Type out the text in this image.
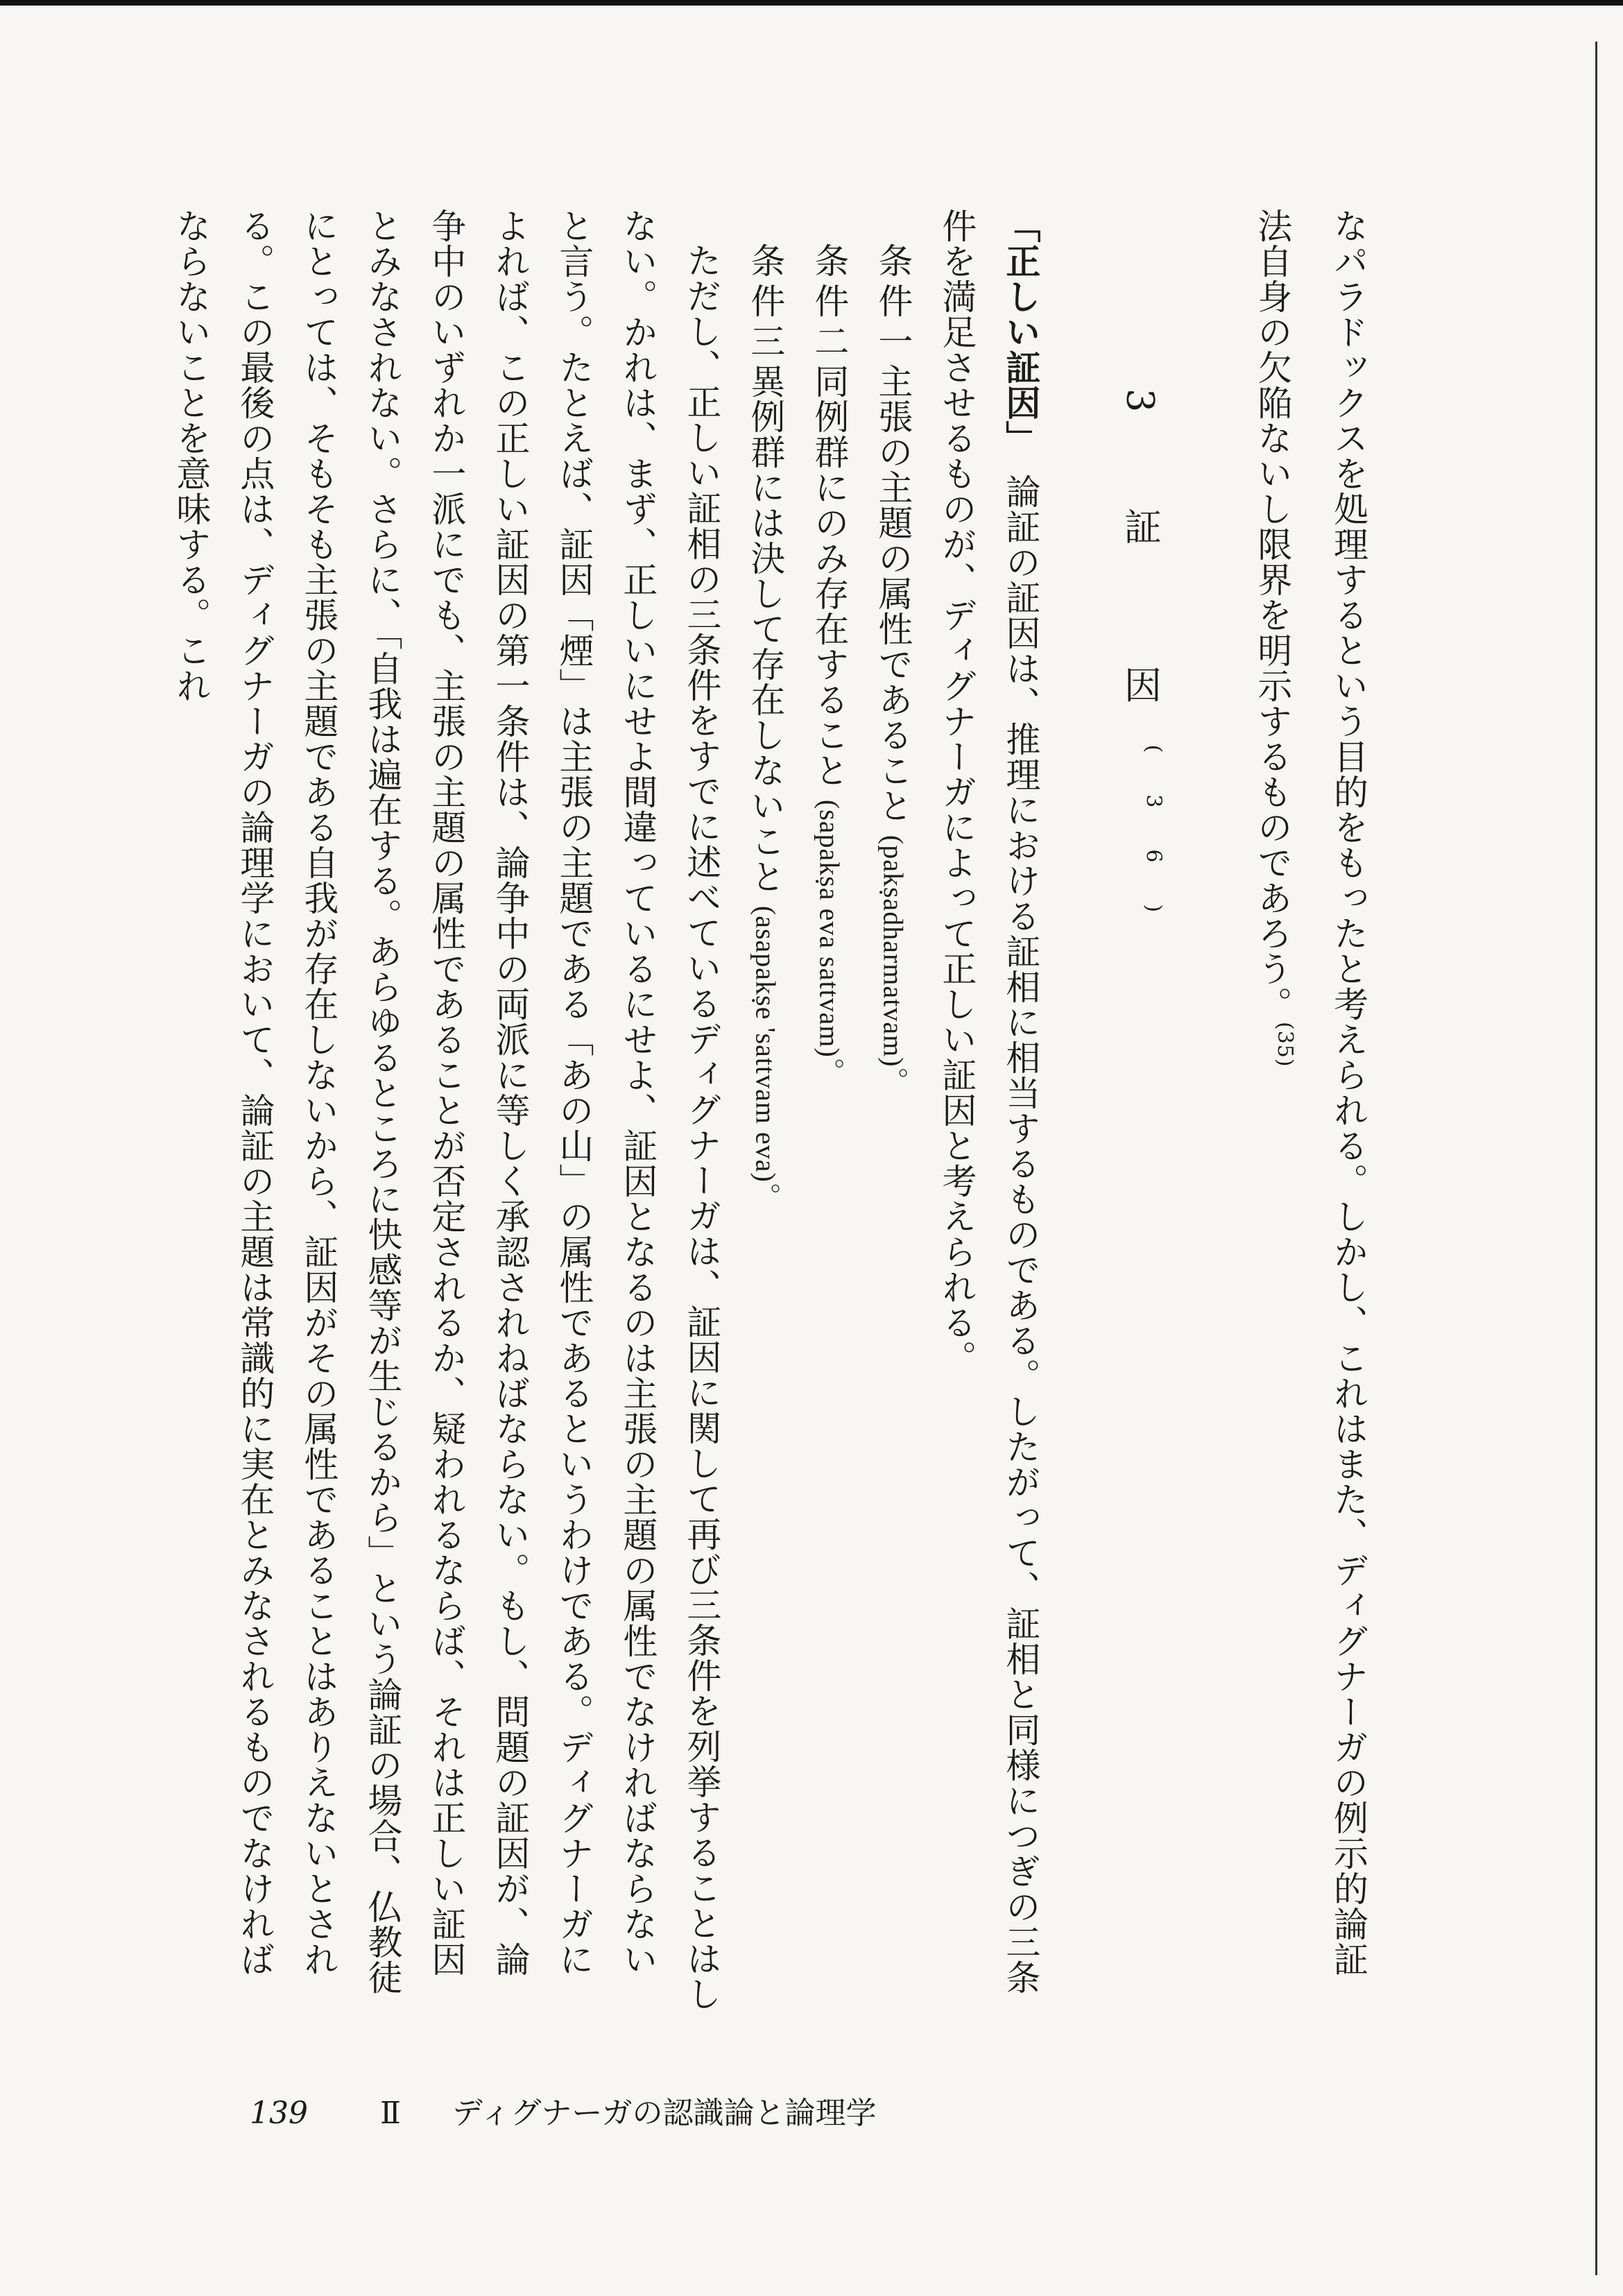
なパラドックスを処理するという目的をもったと考えられる。しかし、これはまた、ディグナーガの例示的論証法自身の欠陥ないし限界を明示するものであろう。$^{(35)}$

3 証　因$^{(36)}$

「正しい証因」　論証の証因は、推理における証相に相当するものである。したがって、証相と同様につぎの三条件を満足させるものが、ディグナーガによって正しい証因と考えられる。

条件一主張の主題の属性であること (pakṣadharmatvam)。

条件二同例群にのみ存在すること (sapakṣa eva sattvam)。

条件三異例群には決して存在しないこと (asapakṣe 'sattvam eva)。

ただし、正しい証相の三条件をすでに述べているディグナーガは、証因に関して再び三条件を列挙することはしない。かれは、まず、正しいにせよ間違っているにせよ、証因となるのは主張の主題の属性でなければならないと言う。たとえば、証因「煙」は主張の主題である「あの山」の属性であるというわけである。ディグナーガによれば、この正しい証因の第一条件は、論争中の両派に等しく承認されねばならない。もし、問題の証因が、論争中のいずれか一派にでも、主張の主題の属性であることが否定されるか、疑われるならば、それは正しい証因とみなされない。さらに、「自我は遍在する。あらゆるところに快感等が生じるから」という論証の場合、仏教徒にとっては、そもそも主張の主題である自我が存在しないから、証因がその属性であることはありえないとされる。この最後の点は、ディグナーガの論理学において、論証の主題は常識的に実在とみなされるものでなければならないことを意味する。これ

139 Ⅱ ディグナーガの認識論と論理学
